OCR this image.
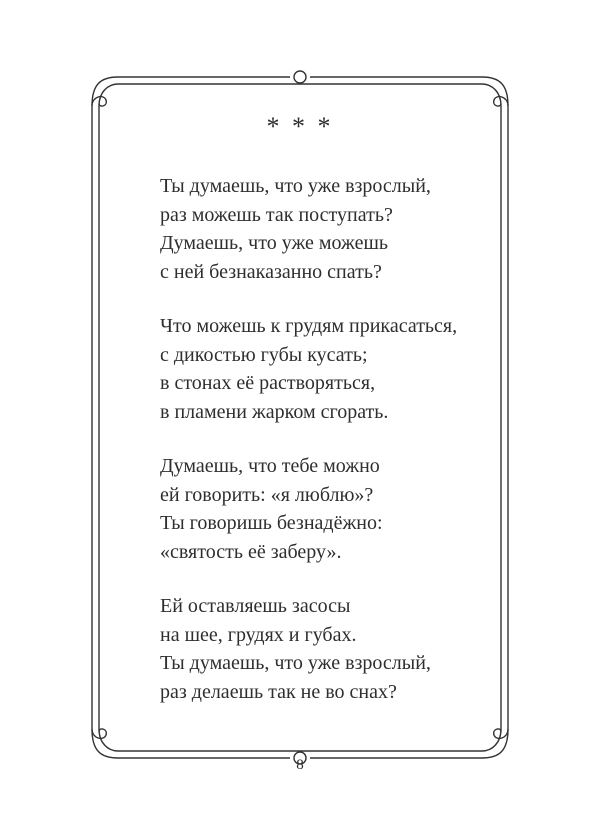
* * *
Ты думаешь, что уже взрослый,
раз можешь так поступать?
Думаешь, что уже можешь
с ней безнаказанно спать?
Что можешь к грудям прикасаться,
с дикостью губы кусать;
в стонах её растворяться,
в пламени жарком сгорать.
Думаешь, что тебе можно
ей говорить: «я люблю»?
Ты говоришь безнадёжно:
«святость её заберу».
Ей оставляешь засосы
на шее, грудях и губах.
Ты думаешь, что уже взрослый,
раз делаешь так не во снах?
8
